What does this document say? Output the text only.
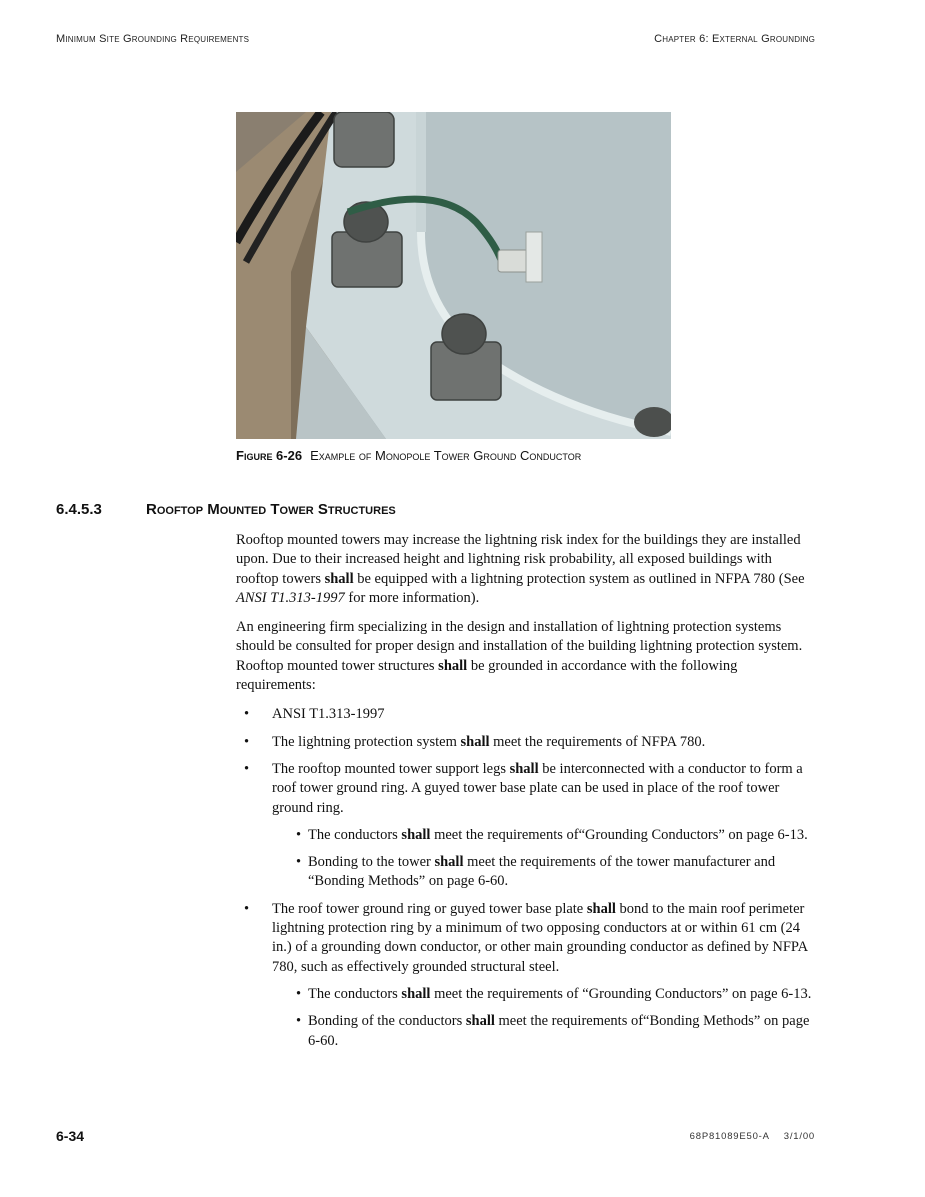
Minimum Site Grounding Requirements	Chapter 6: External Grounding
Figure 6-26 Example of Monopole Tower Ground Conductor
6.4.5.3	Rooftop Mounted Tower Structures

Rooftop mounted towers may increase the lightning risk index for the buildings they are installed upon. Due to their increased height and lightning risk probability, all exposed buildings with rooftop towers shall be equipped with a lightning protection system as outlined in NFPA 780 (See ANSI T1.313-1997 for more information).

An engineering firm specializing in the design and installation of lightning protection systems should be consulted for proper design and installation of the building lightning protection system. Rooftop mounted tower structures shall be grounded in accordance with the following requirements:

• ANSI T1.313-1997
• The lightning protection system shall meet the requirements of NFPA 780.
• The rooftop mounted tower support legs shall be interconnected with a conductor to form a roof tower ground ring. A guyed tower base plate can be used in place of the roof tower ground ring.
• The conductors shall meet the requirements of“Grounding Conductors” on page 6-13.
• Bonding to the tower shall meet the requirements of the tower manufacturer and “Bonding Methods” on page 6-60.
• The roof tower ground ring or guyed tower base plate shall bond to the main roof perimeter lightning protection ring by a minimum of two opposing conductors at or within 61 cm (24 in.) of a grounding down conductor, or other main grounding conductor as defined by NFPA 780, such as effectively grounded structural steel.
• The conductors shall meet the requirements of “Grounding Conductors” on page 6-13.
• Bonding of the conductors shall meet the requirements of“Bonding Methods” on page 6-60.
6-34	68P81089E50-A 3/1/00
